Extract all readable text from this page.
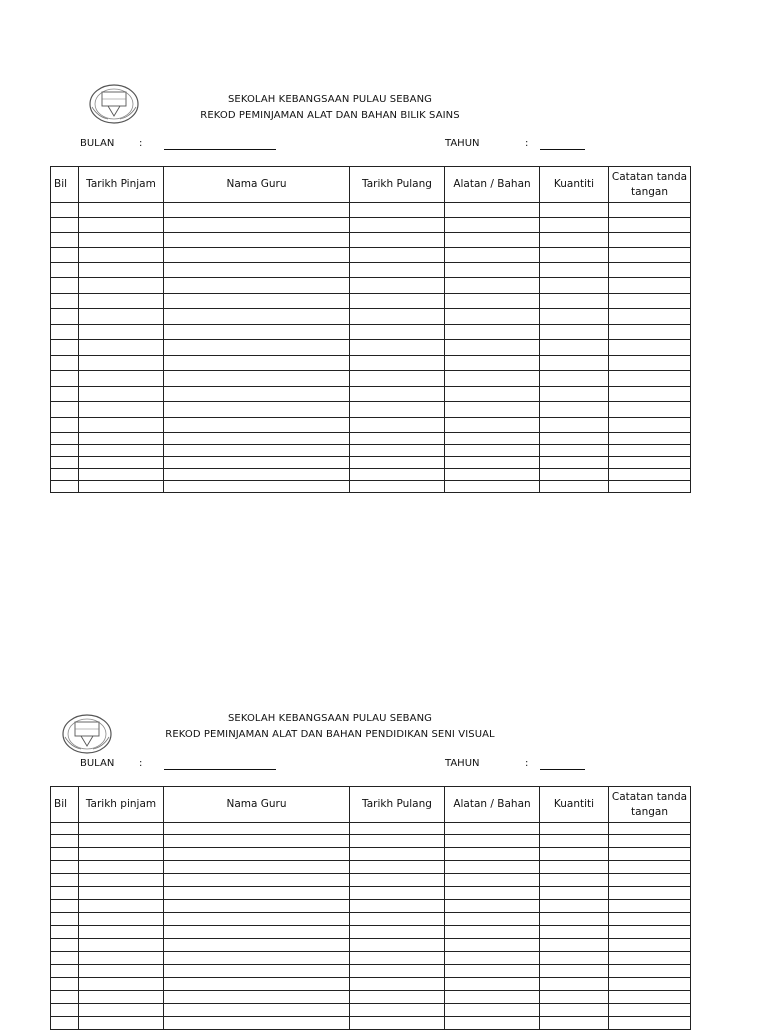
SEKOLAH KEBANGSAAN PULAU SEBANG
REKOD PEMINJAMAN ALAT DAN BAHAN BILIK SAINS
BULAN :	TAHUN	:
Bil	Tarikh Pinjam	Nama Guru	Tarikh Pulang	Alatan / Bahan	Kuantiti	Catatan tanda tangan

SEKOLAH KEBANGSAAN PULAU SEBANG
REKOD PEMINJAMAN ALAT DAN BAHAN PENDIDIKAN SENI VISUAL
BULAN :	TAHUN	:
Bil	Tarikh pinjam	Nama Guru	Tarikh Pulang	Alatan / Bahan	Kuantiti	Catatan tanda tangan
